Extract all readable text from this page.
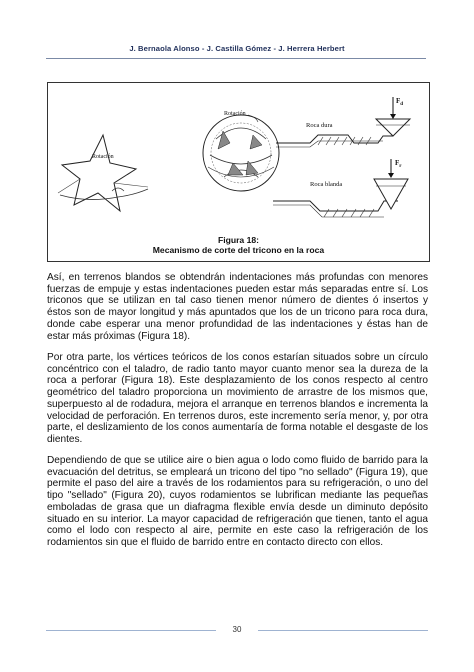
J. Bernaola Alonso - J. Castilla Gómez - J. Herrera Herbert
Rotación
Rotación
Roca dura
$F_d$
Roca blanda
$F_r$
Figura 18:
Mecanismo de corte del tricono en la roca

Así, en terrenos blandos se obtendrán indentaciones más profundas con menores fuerzas de empuje y estas indentaciones pueden estar más separadas entre sí. Los triconos que se utilizan en tal caso tienen menor número de dientes ó insertos y éstos son de mayor longitud y más apuntados que los de un tricono para roca dura, donde cabe esperar una menor profundidad de las indentaciones y éstas han de estar más próximas (Figura 18).

Por otra parte, los vértices teóricos de los conos estarían situados sobre un círculo concéntrico con el taladro, de radio tanto mayor cuanto menor sea la dureza de la roca a perforar (Figura 18). Este desplazamiento de los conos respecto al centro geométrico del taladro proporciona un movimiento de arrastre de los mismos que, superpuesto al de rodadura, mejora el arranque en terrenos blandos e incrementa la velocidad de perforación. En terrenos duros, este incremento sería menor, y, por otra parte, el deslizamiento de los conos aumentaría de forma notable el desgaste de los dientes.

Dependiendo de que se utilice aire o bien agua o lodo como fluido de barrido para la evacuación del detritus, se empleará un tricono del tipo "no sellado" (Figura 19), que permite el paso del aire a través de los rodamientos para su refrigeración, o uno del tipo "sellado" (Figura 20), cuyos rodamientos se lubrifican mediante las pequeñas emboladas de grasa que un diafragma flexible envía desde un diminuto depósito situado en su interior. La mayor capacidad de refrigeración que tienen, tanto el agua como el lodo con respecto al aire, permite en este caso la refrigeración de los rodamientos sin que el fluido de barrido entre en contacto directo con ellos.

30
